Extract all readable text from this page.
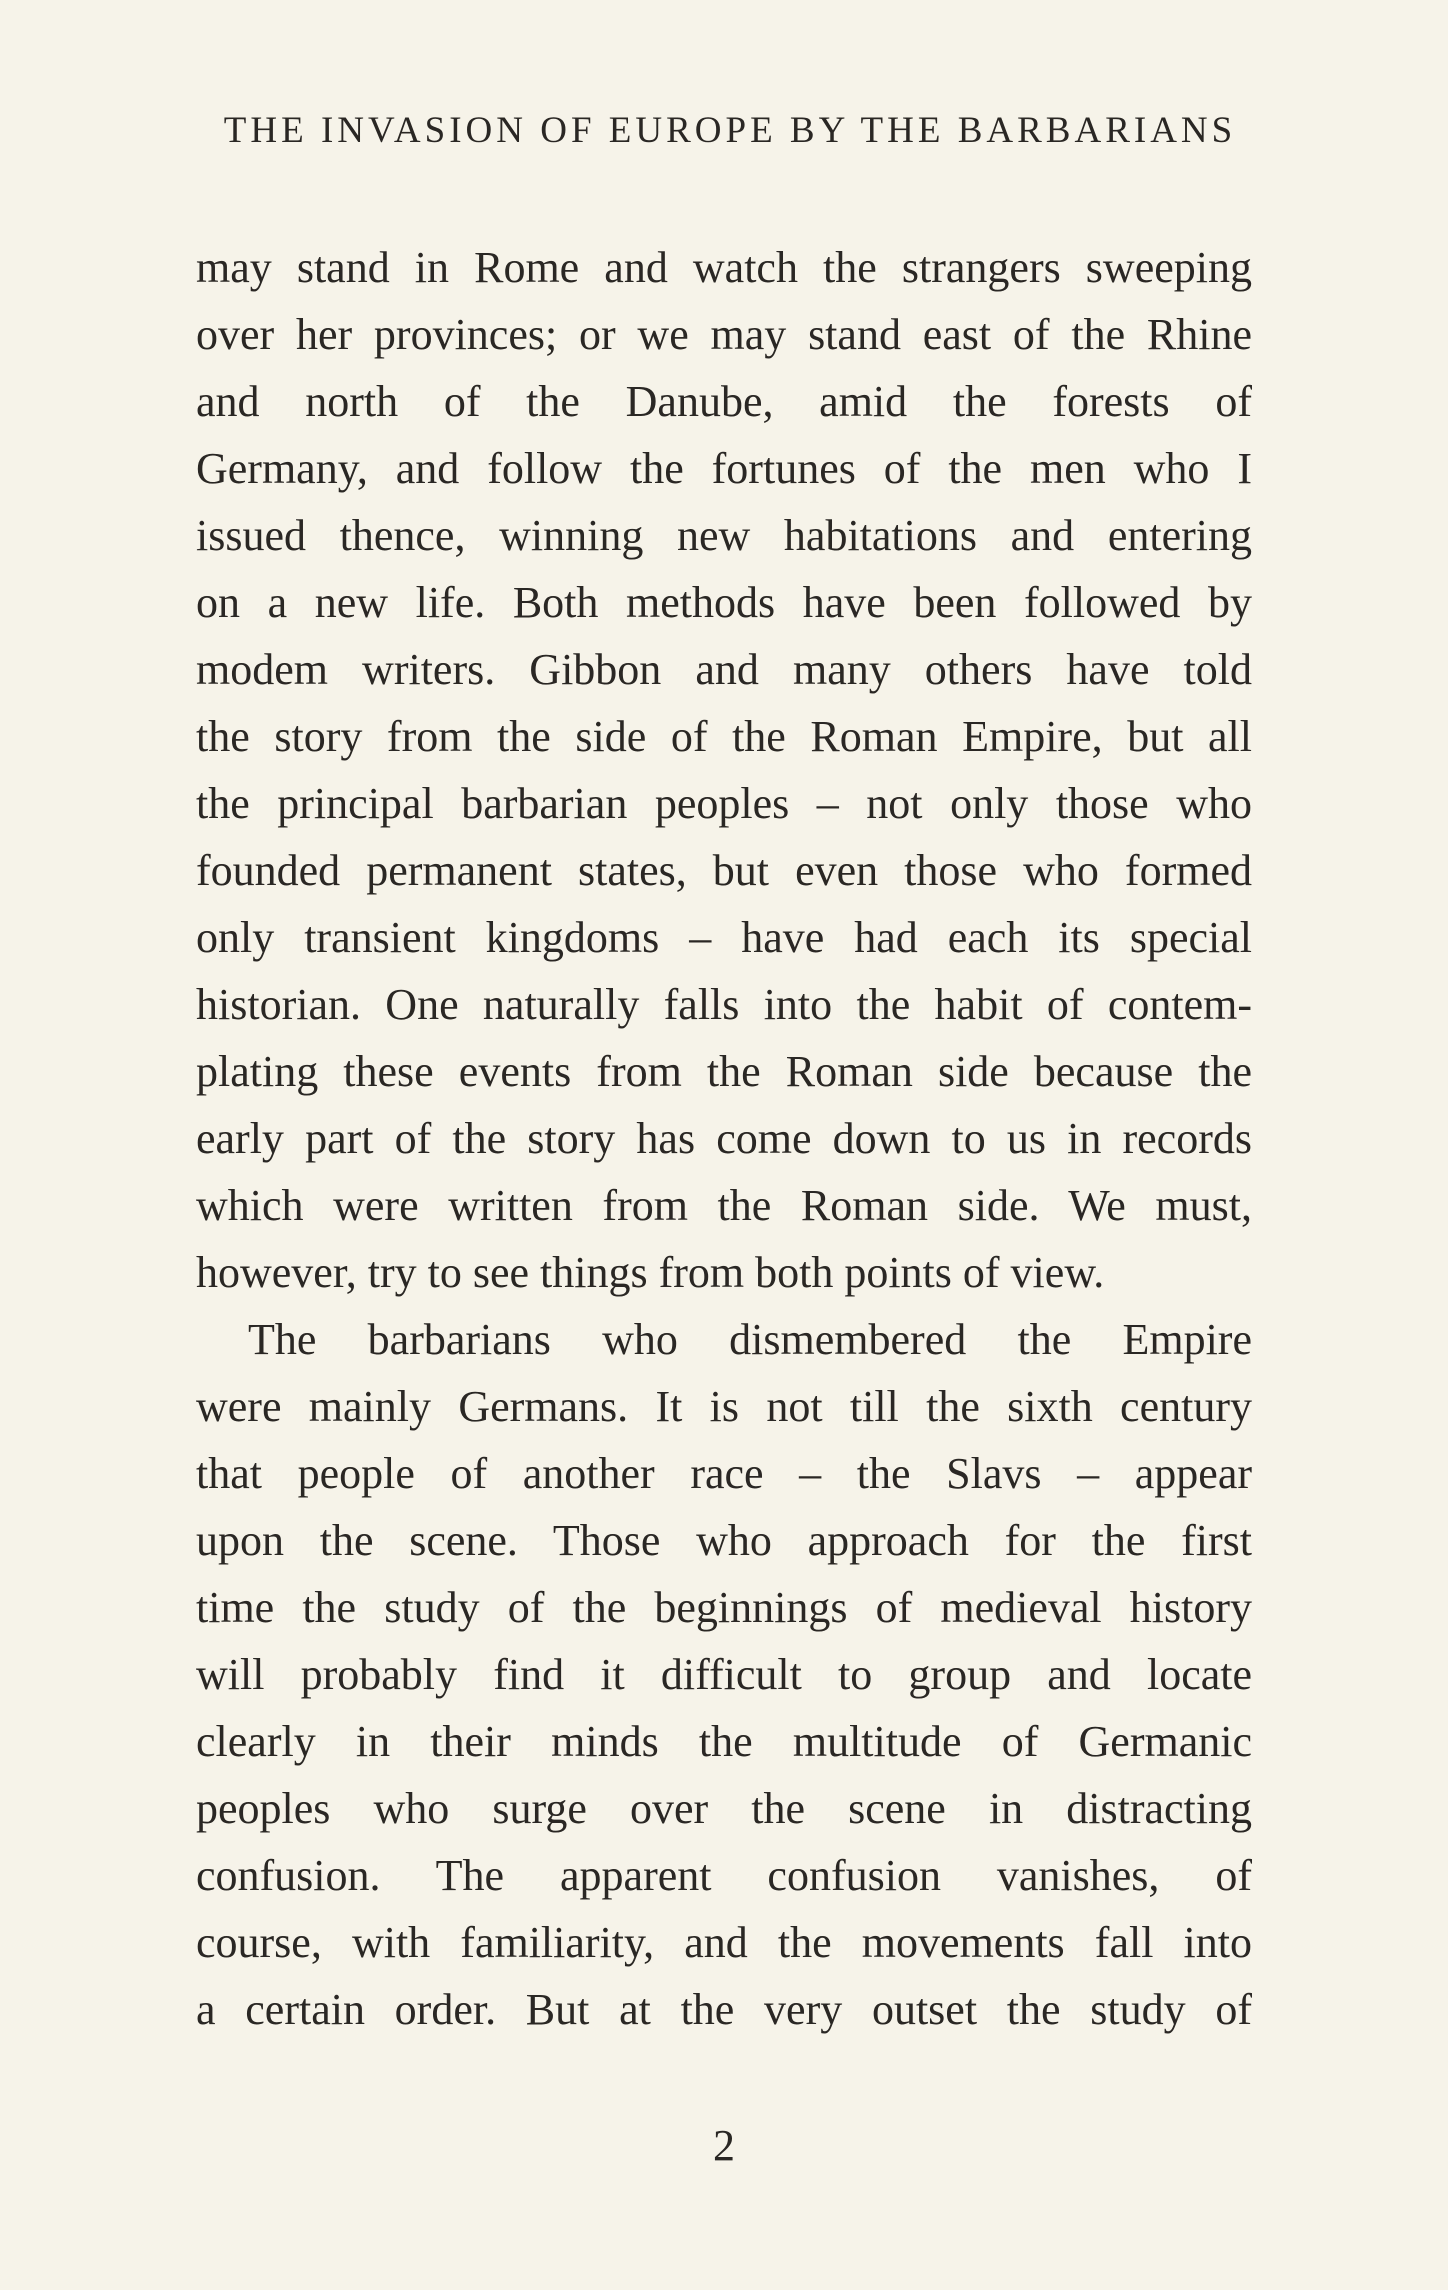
THE INVASION OF EUROPE BY THE BARBARIANS
may stand in Rome and watch the strangers sweeping
over her provinces; or we may stand east of the Rhine
and north of the Danube, amid the forests of
Germany, and follow the fortunes of the men who I
issued thence, winning new habitations and entering
on a new life. Both methods have been followed by
modem writers. Gibbon and many others have told
the story from the side of the Roman Empire, but all
the principal barbarian peoples – not only those who
founded permanent states, but even those who formed
only transient kingdoms – have had each its special
historian. One naturally falls into the habit of contem-
plating these events from the Roman side because the
early part of the story has come down to us in records
which were written from the Roman side. We must,
however, try to see things from both points of view.
The barbarians who dismembered the Empire
were mainly Germans. It is not till the sixth century
that people of another race – the Slavs – appear
upon the scene. Those who approach for the first
time the study of the beginnings of medieval history
will probably find it difficult to group and locate
clearly in their minds the multitude of Germanic
peoples who surge over the scene in distracting
confusion. The apparent confusion vanishes, of
course, with familiarity, and the movements fall into
a certain order. But at the very outset the study of
2
